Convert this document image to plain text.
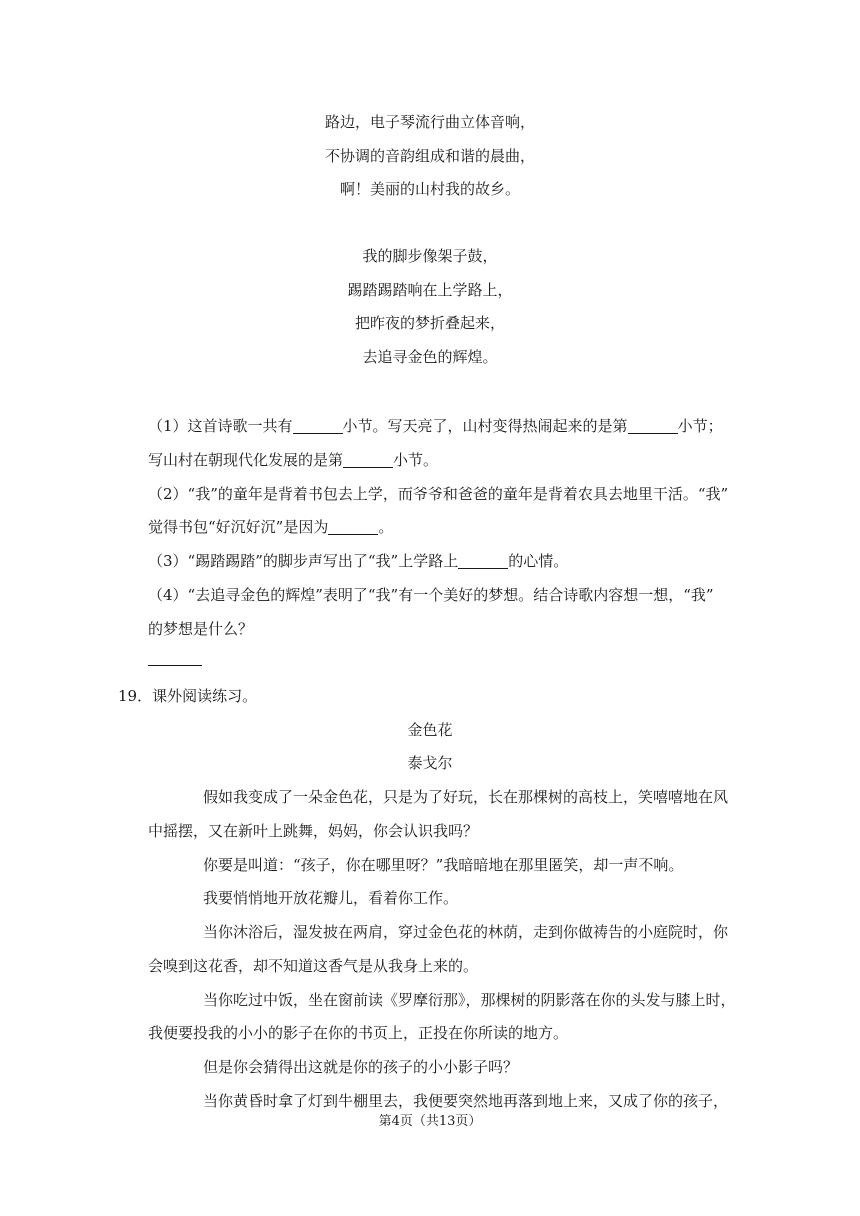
路边，电子琴流行曲立体音响，
不协调的音韵组成和谐的晨曲，
啊！美丽的山村我的故乡。
我的脚步像架子鼓，
踢踏踢踏响在上学路上，
把昨夜的梦折叠起来，
去追寻金色的辉煌。
（1）这首诗歌一共有	小节。写天亮了，山村变得热闹起来的是第	小节；
写山村在朝现代化发展的是第	小节。
（2）“我”的童年是背着书包去上学，而爷爷和爸爸的童年是背着农具去地里干活。“我”
觉得书包“好沉好沉”是因为	。
（3）“踢踏踢踏”的脚步声写出了“我”上学路上	的心情。
（4）“去追寻金色的辉煌”表明了“我”有一个美好的梦想。结合诗歌内容想一想，“我”
的梦想是什么？
19．课外阅读练习。
金色花
泰戈尔
假如我变成了一朵金色花，只是为了好玩，长在那棵树的高枝上，笑嘻嘻地在风
中摇摆，又在新叶上跳舞，妈妈，你会认识我吗？
你要是叫道：“孩子，你在哪里呀？”我暗暗地在那里匿笑，却一声不响。
我要悄悄地开放花瓣儿，看着你工作。
当你沐浴后，湿发披在两肩，穿过金色花的林荫，走到你做祷告的小庭院时，你
会嗅到这花香，却不知道这香气是从我身上来的。
当你吃过中饭，坐在窗前读《罗摩衍那》，那棵树的阴影落在你的头发与膝上时，
我便要投我的小小的影子在你的书页上，正投在你所读的地方。
但是你会猜得出这就是你的孩子的小小影子吗？
当你黄昏时拿了灯到牛棚里去，我便要突然地再落到地上来，又成了你的孩子，
第4页（共13页）
